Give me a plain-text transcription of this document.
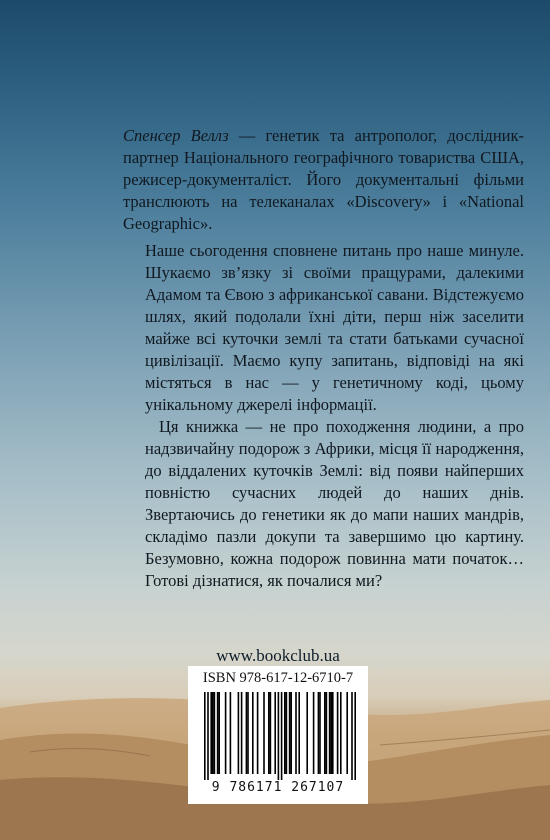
Спенсер Веллз — генетик та антрополог, дослідник-партнер Національного географічного товариства США, режисер-документаліст. Його документальні фільми транслюють на телеканалах «Discovery» і «National Geographic».

Наше сьогодення сповнене питань про наше минуле. Шукаємо зв’язку зі своїми пращурами, далекими Адамом та Євою з африканської савани. Відстежуємо шлях, який подолали їхні діти, перш ніж заселити майже всі куточки землі та стати батьками сучасної цивілізації. Маємо купу запитань, відповіді на які містяться в нас — у генетичному коді, цьому унікальному джерелі інформації.

Ця книжка — не про походження людини, а про надзвичайну подорож з Африки, місця її народження, до віддалених куточків Землі: від появи найперших повністю сучасних людей до наших днів. Звертаючись до генетики як до мапи наших мандрів, складімо пазли докупи та завершимо цю картину. Безумовно, кожна подорож повинна мати початок… Готові дізнатися, як почалися ми?

www.bookclub.ua
ISBN 978-617-12-6710-7
9 786171 267107
